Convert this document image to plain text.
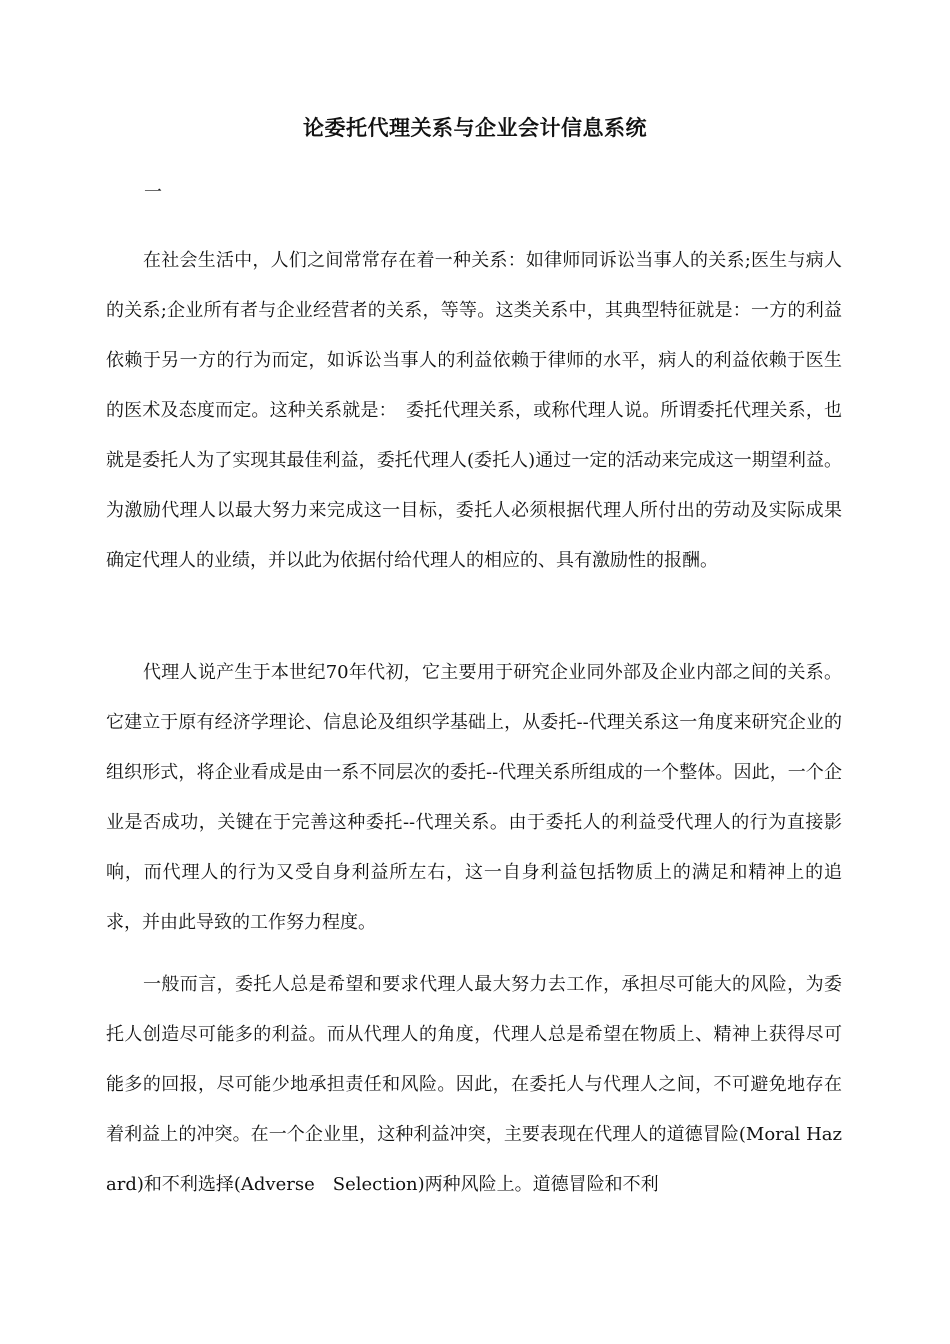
论委托代理关系与企业会计信息系统
一

在社会生活中，人们之间常常存在着一种关系：如律师同诉讼当事人的关系;医生与病人的关系;企业所有者与企业经营者的关系，等等。这类关系中，其典型特征就是：一方的利益依赖于另一方的行为而定，如诉讼当事人的利益依赖于律师的水平，病人的利益依赖于医生的医术及态度而定。这种关系就是：　委托代理关系，或称代理人说。所谓委托代理关系，也就是委托人为了实现其最佳利益，委托代理人(委托人)通过一定的活动来完成这一期望利益。为激励代理人以最大努力来完成这一目标，委托人必须根据代理人所付出的劳动及实际成果确定代理人的业绩，并以此为依据付给代理人的相应的、具有激励性的报酬。

代理人说产生于本世纪70年代初，它主要用于研究企业同外部及企业内部之间的关系。它建立于原有经济学理论、信息论及组织学基础上，从委托--代理关系这一角度来研究企业的组织形式，将企业看成是由一系不同层次的委托--代理关系所组成的一个整体。因此，一个企业是否成功，关键在于完善这种委托--代理关系。由于委托人的利益受代理人的行为直接影响，而代理人的行为又受自身利益所左右，这一自身利益包括物质上的满足和精神上的追求，并由此导致的工作努力程度。

一般而言，委托人总是希望和要求代理人最大努力去工作，承担尽可能大的风险，为委托人创造尽可能多的利益。而从代理人的角度，代理人总是希望在物质上、精神上获得尽可能多的回报，尽可能少地承担责任和风险。因此，在委托人与代理人之间，不可避免地存在着利益上的冲突。在一个企业里，这种利益冲突，主要表现在代理人的道德冒险(Moral Hazard)和不利选择(Adverse　Selection)两种风险上。道德冒险和不利
